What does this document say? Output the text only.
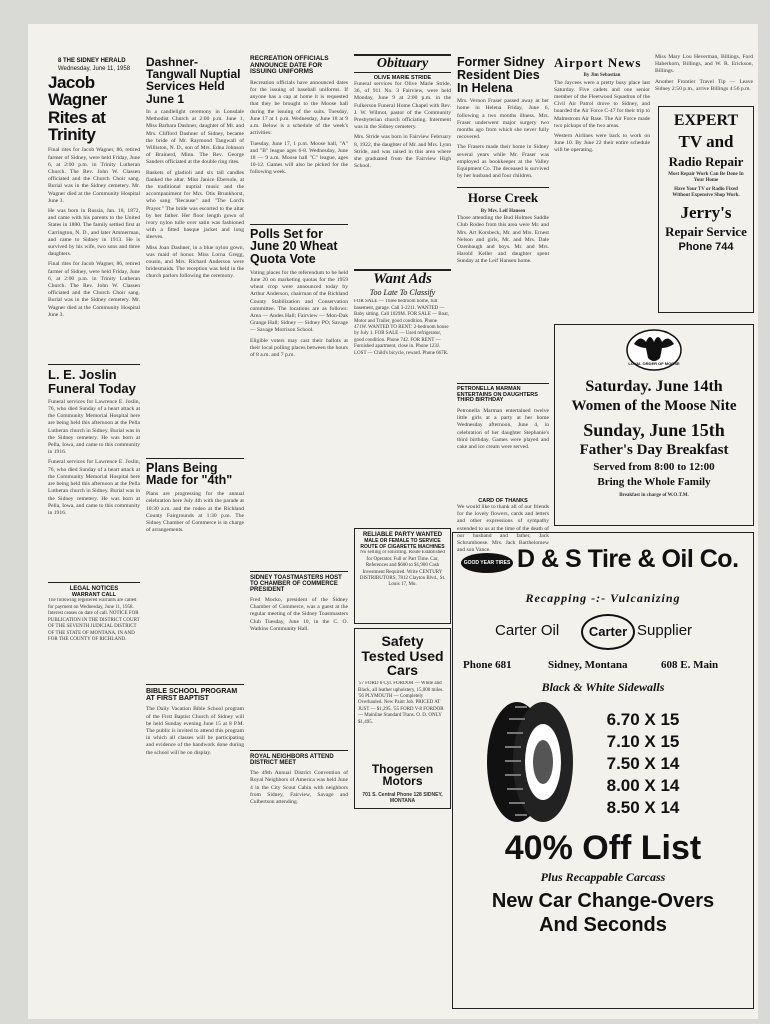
8 THE SIDNEY HERALD
Wednesday, June 11, 1958
Jacob Wagner Rites at Trinity
Final rites for Jacob Wagner, 86, retired farmer of Sidney, were held Friday, June 6, at 2:00 p.m. in Trinity Lutheran Church. The Rev. John W. Classen officiated and the Church Choir sang. Burial was in the Sidney cemetery. Mr. Wagner died at the Community Hospital June 3.
He was born in Russia, Jan. 18, 1872, and came with his parents to the United States in 1880. The family settled first at Carrington, N. D., and later Ammerman, and came to Sidney in 1913. He is survived by his wife, two sons and three daughters.
Final rites for Jacob Wagner, 86, retired farmer of Sidney, were held Friday, June 6, at 2:00 p.m. in Trinity Lutheran Church. The Rev. John W. Classen officiated and the Church Choir sang. Burial was in the Sidney cemetery. Mr. Wagner died at the Community Hospital June 3.
L. E. Joslin Funeral Today
Funeral services for Lawrence E. Joslin, 76, who died Sunday of a heart attack at the Community Memorial Hospital here are being held this afternoon at the Pella Lutheran church in Sidney. Burial was in the Sidney cemetery. He was born at Pella, Iowa, and came to this community in 1916.
Funeral services for Lawrence E. Joslin, 76, who died Sunday of a heart attack at the Community Memorial Hospital here are being held this afternoon at the Pella Lutheran church in Sidney. Burial was in the Sidney cemetery. He was born at Pella, Iowa, and came to this community in 1916.
LEGAL NOTICES
WARRANT CALL
The following registered warrants are called for payment on Wednesday, June 11, 1958. Interest ceases on date of call. NOTICE FOR PUBLICATION IN THE DISTRICT COURT OF THE SEVENTH JUDICIAL DISTRICT OF THE STATE OF MONTANA, IN AND FOR THE COUNTY OF RICHLAND.
Dashner-Tangwall Nuptial Services Held June 1
In a candlelight ceremony in Lonsdale Methodist Church at 2:00 p.m. June 1, Miss Barbara Dashner, daughter of Mr. and Mrs. Clifford Dashner of Sidney, became the bride of Mr. Raymond Tangwall of Williston, N. D., son of Mrs. Edna Johnson of Brainerd, Minn. The Rev. George Sanders officiated at the double ring rites.
Baskets of gladioli and six tall candles flanked the altar. Miss Janice Ebersole, at the traditional nuptial music and the accompaniment for Mrs. Otis Brunkhorst, who sang "Because" and "The Lord's Prayer." The bride was escorted to the altar by her father. Her floor length gown of ivory nylon tulle over satin was fashioned with a fitted basque jacket and long sleeves.
Miss Joan Dashner, in a blue nylon gown, was maid of honor. Miss Lorna Gregg, cousin, and Mrs. Richard Anderson were bridesmaids. The reception was held in the church parlors following the ceremony.
Plans Being Made for "4th"
Plans are progressing for the annual celebration here July 4th with the parade at 10:30 a.m. and the rodeo at the Richland County Fairgrounds at 1:30 p.m. The Sidney Chamber of Commerce is in charge of arrangements.
BIBLE SCHOOL PROGRAM AT FIRST BAPTIST
The Daily Vacation Bible School program of the First Baptist Church of Sidney will be held Sunday evening June 15 at 8 P.M. The public is invited to attend this program in which all classes will be participating and evidence of the handwork done during the school will be on display.
RECREATION OFFICIALS ANNOUNCE DATE FOR ISSUING UNIFORMS
Recreation officials have announced dates for the issuing of baseball uniforms. If anyone has a cap at home it is requested that they be brought to the Moose hall during the issuing of the suits. Tuesday, June 17 at 1 p.m. Wednesday, June 18 at 9 a.m. Below is a schedule of the week's activities:
Tuesday, June 17, 1 p.m. Moose hall, "A" and "B" league ages 6-8. Wednesday, June 18 — 9 a.m. Moose hall "C" league, ages 10-12. Games will also be picked for the following week.
Polls Set for June 20 Wheat Quota Vote
Voting places for the referendum to be held June 20 on marketing quotas for the 1959 wheat crop were announced today by Arthur Anderson, chairman of the Richland County Stabilization and Conservation committee. The locations are as follows: Area — Andes Hall; Fairview — Mon-Dak Grange Hall; Sidney — Sidney PO; Savage — Savage Morrison School.
Eligible voters may cast their ballots at their local polling places between the hours of 8 a.m. and 7 p.m.
SIDNEY TOASTMASTERS HOST TO CHAMBER OF COMMERCE PRESIDENT
Fred Mocko, president of the Sidney Chamber of Commerce, was a guest at the regular meeting of the Sidney Toastmasters Club Tuesday, June 10, in the C. O. Watkins Community Hall.
ROYAL NEIGHBORS ATTEND DISTRICT MEET
The 49th Annual District Convention of Royal Neighbors of America was held June 4 in the City Scout Cabin with neighbors from Sidney, Fairview, Savage and Culbertson attending.
Obituary
OLIVE MARIE STRIDE
Funeral services for Olive Marie Stride, 36, of 911 No. 3 Fairview, were held Monday, June 9 at 2:00 p.m. in the Fulkerson Funeral Home Chapel with Rev. J. W. Wilmot, pastor of the Community Presbyterian church officiating. Interment was in the Sidney cemetery.
Mrs. Stride was born in Fairview February 8, 1922, the daughter of Mr. and Mrs. Lynn Stride, and was raised in this area where she graduated from the Fairview High School.
Want Ads
Too Late To Classify
FOR SALE — Three bedroom home, full basement, garage. Call 3-2211. WANTED — Baby sitting. Call 1029M. FOR SALE — Boat, Motor and Trailer, good condition. Phone 471W. WANTED TO RENT: 2-bedroom house by July 1. FOR SALE — Used refrigerator, good condition. Phone 742. FOR RENT — Furnished apartment, close in. Phone 123J. LOST — Child's bicycle, reward. Phone 667R.
RELIABLE PARTY WANTED
MALE OR FEMALE TO SERVICE ROUTE OF CIGARETTE MACHINES
No selling or soliciting. Route Established for Operator. Full or Part Time. Car, References and $600 to $1,900 Cash Investment Required. Write CENTURY DISTRIBUTORS, 7812 Clayton Blvd., St. Louis 17, Mo.
Safety Tested Used Cars
'57 FORD 6 Cyl. FORDOR — White and Black, all leather upholstery, 15,000 miles. '56 PLYMOUTH — Completely Overhauled. New Paint Job. PRICED AT JUST — $1,295. '55 FORD V-8 FORDOR — Mainline Standard Trans. O. D. ONLY $1,495.
Thogersen Motors
701 S. Central Phone 128 SIDNEY, MONTANA
Former Sidney Resident Dies In Helena
Mrs. Vernon Fraser passed away at her home in Helena Friday, June 6, following a two months illness. Mrs. Fraser underwent major surgery two months ago from which she never fully recovered.
The Frasers made their home in Sidney several years while Mr. Fraser was employed as bookkeeper at the Valley Equipment Co. The deceased is survived by her husband and four children.
Horse Creek
By Mrs. Leif Hansen
Those attending the Bud Holmes Saddle Club Rodeo from this area were Mr. and Mrs. Art Korsbeck, Mr. and Mrs. Ernest Nelson and girls, Mr. and Mrs. Dale Ozenbaugh and boys. Mr. and Mrs. Harold Keller and daughter spent Sunday at the Leif Hansen home.
PETRONELLA MARMAN ENTERTAINS ON DAUGHTERS THIRD BIRTHDAY
Petronella Marman entertained twelve little girls at a party at her home Wednesday afternoon, June 4, in celebration of her daughter Stephanie's third birthday. Games were played and cake and ice cream were served.
CARD OF THANKS
We would like to thank all of our friends for the lovely flowers, cards and letters and other expressions of sympathy extended to us at the time of the death of our husband and father, Jack Schrumhoese. Mrs. Jack Barthelomew and son Vance.
Airport News
By Jim Sebastian
The Jaycees were a pretty busy place last Saturday. Five cadets and one senior member of the Fleetwood Squadron of the Civil Air Patrol drove to Sidney, and boarded the Air Force C-47 for their trip to Malmstrom Air Base. The Air Force made two pickups of the two areas.
Western Airlines were back to work on June 10. By June 22 their entire schedule will be operating.
Miss Mary Lou Heverman, Billings, Ford Haberkorn, Billings, and W. R. Erickson, Billings.
Another Frontier Travel Tip — Leave Sidney 2:50 p.m., arrive Billings 4:56 p.m.
EXPERT
TV and
Radio Repair
Most Repair Work Can Be Done In Your Home
Have Your TV or Radio Fixed Without Expensive Shop Work.
Jerry's
Repair Service
Phone 744
LOYAL ORDER OF MOOSE
Saturday. June 14th
Women of the Moose Nite
Sunday, June 15th
Father's Day Breakfast
Served from 8:00 to 12:00
Bring the Whole Family
Breakfast in charge of W.O.T.M.
GOOD YEAR TIRES D & S Tire & Oil Co.
Recapping -:- Vulcanizing
Carter Oil	Carter Supplier
Phone 681	Sidney, Montana	608 E. Main
Black & White Sidewalls
6.70 X 15
7.10 X 15
7.50 X 14
8.00 X 14
8.50 X 14
40% Off List
Plus Recappable Carcass
New Car Change-Overs
And Seconds
